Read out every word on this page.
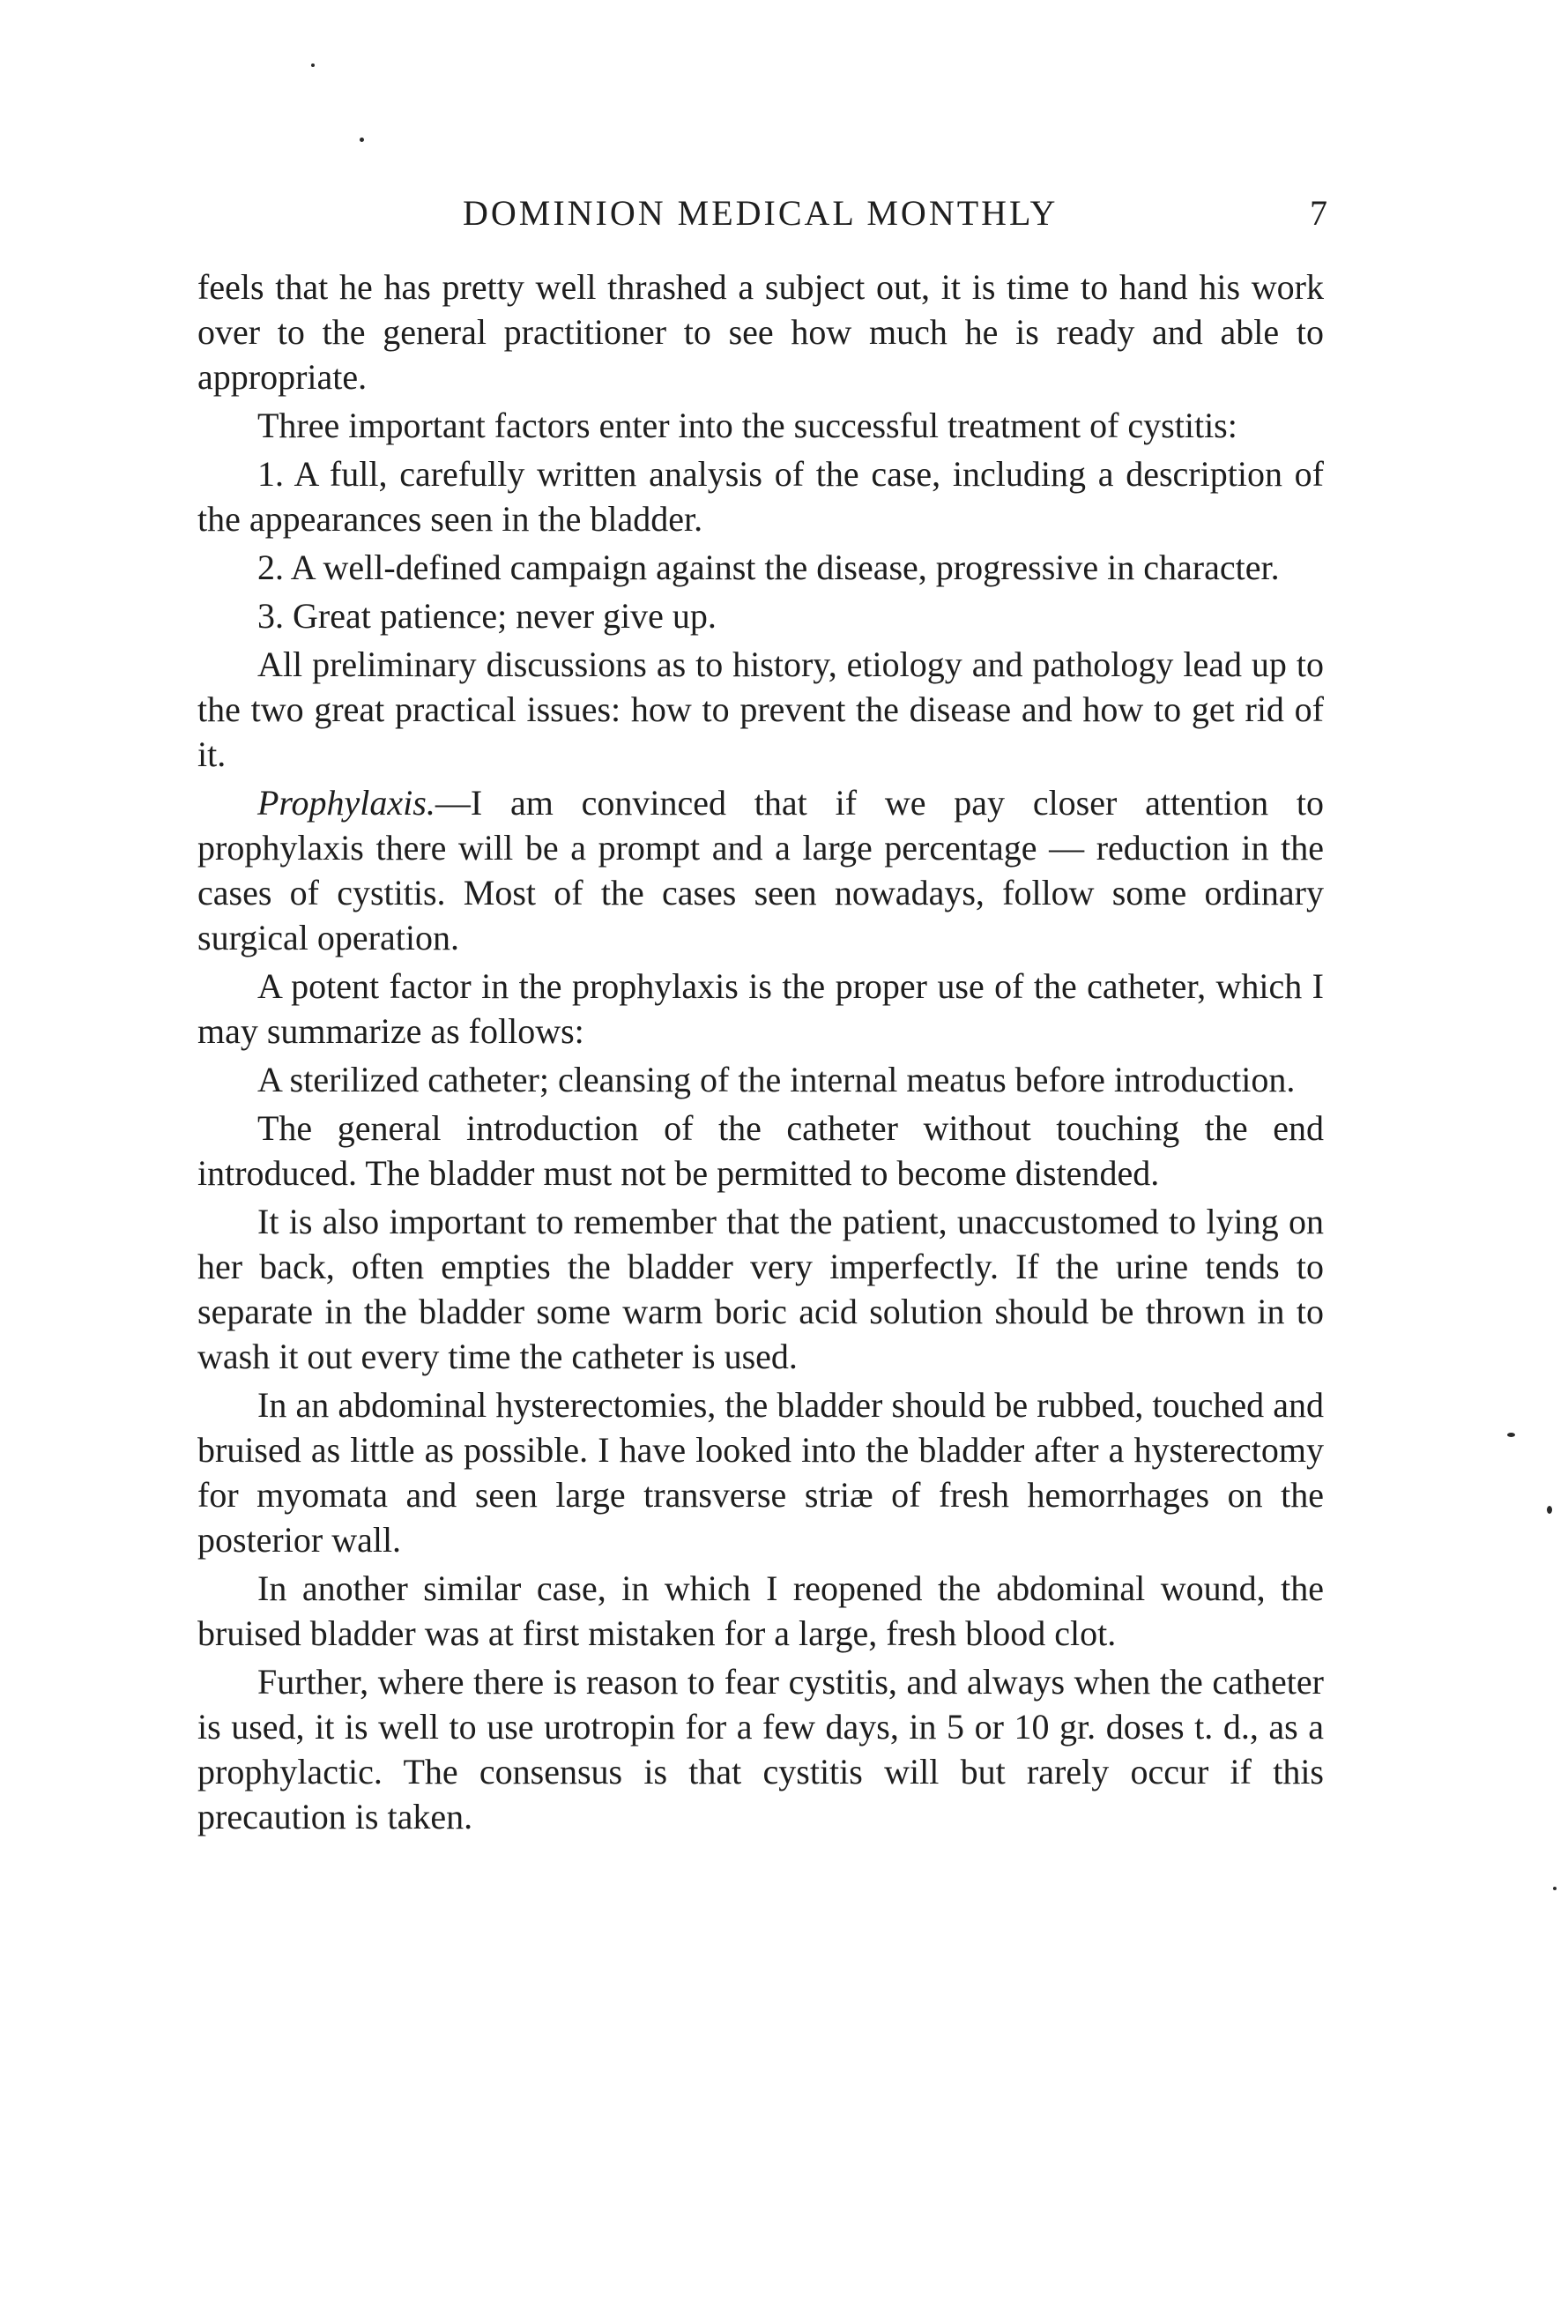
DOMINION MEDICAL MONTHLY	7

feels that he has pretty well thrashed a subject out, it is time to hand his work over to the general practitioner to see how much he is ready and able to appropriate.

Three important factors enter into the successful treatment of cystitis:

1. A full, carefully written analysis of the case, including a description of the appearances seen in the bladder.

2. A well-defined campaign against the disease, progressive in character.

3. Great patience; never give up.

All preliminary discussions as to history, etiology and pathology lead up to the two great practical issues: how to prevent the disease and how to get rid of it.

Prophylaxis.—I am convinced that if we pay closer attention to prophylaxis there will be a prompt and a large percentage — reduction in the cases of cystitis. Most of the cases seen nowadays, follow some ordinary surgical operation.

A potent factor in the prophylaxis is the proper use of the catheter, which I may summarize as follows:

A sterilized catheter; cleansing of the internal meatus before introduction.

The general introduction of the catheter without touching the end introduced. The bladder must not be permitted to become distended.

It is also important to remember that the patient, unaccustomed to lying on her back, often empties the bladder very imperfectly. If the urine tends to separate in the bladder some warm boric acid solution should be thrown in to wash it out every time the catheter is used.

In an abdominal hysterectomies, the bladder should be rubbed, touched and bruised as little as possible. I have looked into the bladder after a hysterectomy for myomata and seen large transverse striæ of fresh hemorrhages on the posterior wall.

In another similar case, in which I reopened the abdominal wound, the bruised bladder was at first mistaken for a large, fresh blood clot.

Further, where there is reason to fear cystitis, and always when the catheter is used, it is well to use urotropin for a few days, in 5 or 10 gr. doses t. d., as a prophylactic. The consensus is that cystitis will but rarely occur if this precaution is taken.
